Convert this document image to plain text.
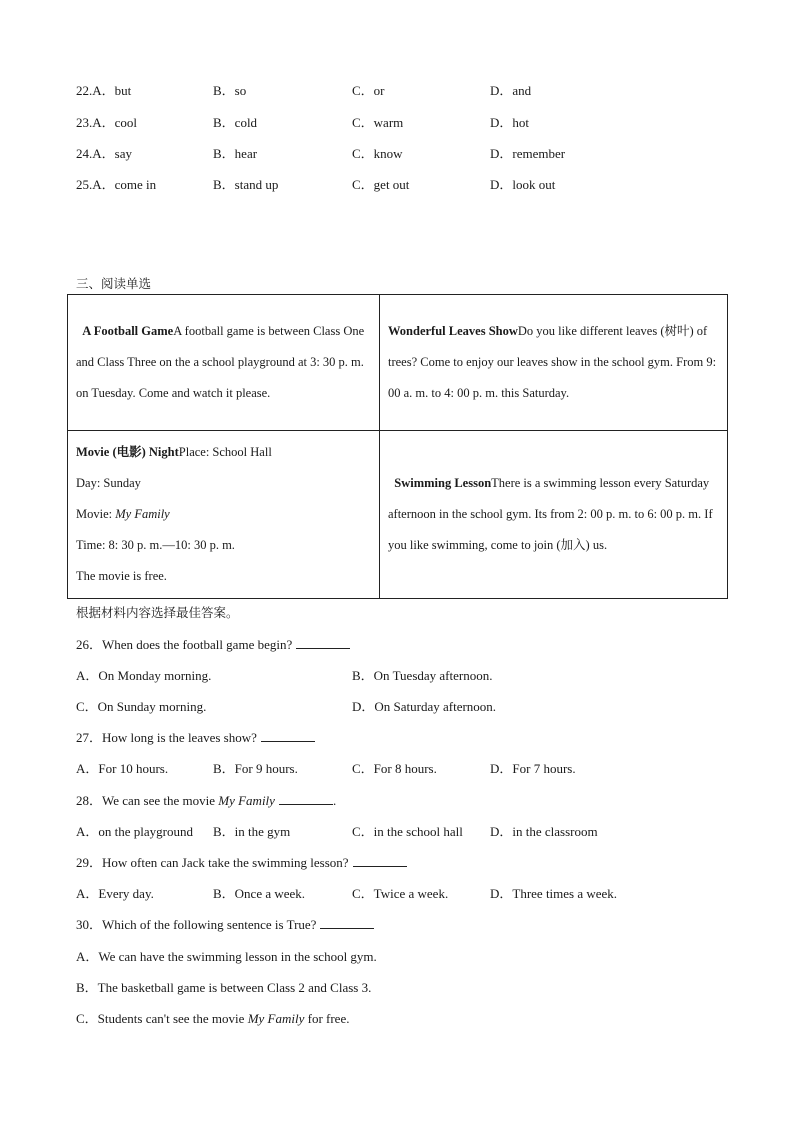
22.A．but	B．so	C．or	D．and
23.A．cool	B．cold	C．warm	D．hot
24.A．say	B．hear	C．know	D．remember
25.A．come in	B．stand up	C．get out	D．look out
三、阅读单选
A Football GameA football game is between Class One and Class Three on the a school playground at 3: 30 p. m. on Tuesday. Come and watch it please.	Wonderful Leaves ShowDo you like different leaves (树叶) of trees? Come to enjoy our leaves show in the school gym. From 9: 00 a. m. to 4: 00 p. m. this Saturday.

Movie (电影) NightPlace: School Hall
Day: Sunday
Movie: My Family
Time: 8: 30 p. m.—10: 30 p. m.
The movie is free.	Swimming LessonThere is a swimming lesson every Saturday afternoon in the school gym. Its from 2: 00 p. m. to 6: 00 p. m. If you like swimming, come to join (加入) us.
根据材料内容选择最佳答案。
26．When does the football game begin?
A．On Monday morning.	B．On Tuesday afternoon.
C．On Sunday morning.	D．On Saturday afternoon.
27．How long is the leaves show?
A．For 10 hours.	B．For 9 hours.	C．For 8 hours.	D．For 7 hours.
28．We can see the movie My Family	.
A．on the playground B．in the gym	C．in the school hall D．in the classroom
29．How often can Jack take the swimming lesson?
A．Every day.	B．Once a week.	C．Twice a week.	D．Three times a week.
30．Which of the following sentence is True?
A．We can have the swimming lesson in the school gym.
B．The basketball game is between Class 2 and Class 3.
C．Students can't see the movie My Family for free.
